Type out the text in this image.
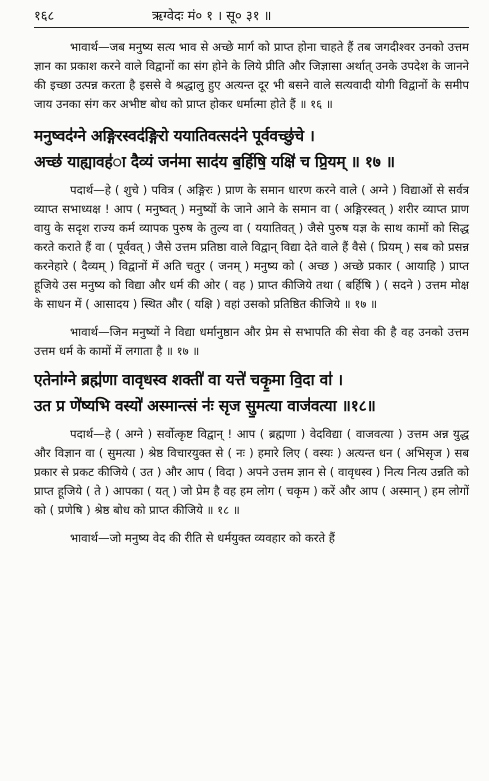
१६८	ऋग्वेदः मं० १ । सू० ३१ ॥

भावार्थ—जब मनुष्य सत्य भाव से अच्छे मार्ग को प्राप्त होना चाहते हैं तब जगदीश्वर उनको उत्तम ज्ञान का प्रकाश करने वाले विद्वानों का संग होने के लिये प्रीति और जिज्ञासा अर्थात् उनके उपदेश के जानने की इच्छा उत्पन्न करता है इससे वे श्रद्धालु हुए अत्यन्त दूर भी बसने वाले सत्यवादी योगी विद्वानों के समीप जाय उनका संग कर अभीष्ट बोध को प्राप्त होकर धर्मात्मा होते हैं ॥ १६ ॥

मनुष्वद॑ग्ने अङ्गिरस्वद॑ङ्गिरो ययातिवत्सद॑ने पूर्ववच्छु॑चे ।

अच्छ॑ याह्यावह॑ा दैव्यं जन॑मा साद॑य ब॒र्हिषि॒ यक्षि॑ च प्रि॒यम् ॥ १७ ॥

पदार्थ—हे ( शुचे ) पवित्र ( अङ्गिरः ) प्राण के समान धारण करने वाले ( अग्ने ) विद्याओं से सर्वत्र व्याप्त सभाध्यक्ष ! आप ( मनुष्वत् ) मनुष्यों के जाने आने के समान वा ( अङ्गिरस्वत् ) शरीर व्याप्त प्राण वायु के सदृश राज्य कर्म व्यापक पुरुष के तुल्य वा ( ययातिवत् ) जैसे पुरुष यज्ञ के साथ कामों को सिद्ध करते कराते हैं वा ( पूर्ववत् ) जैसे उत्तम प्रतिष्ठा वाले विद्वान् विद्या देते वाले हैं वैसे ( प्रियम् ) सब को प्रसन्न करनेहारे ( दैव्यम् ) विद्वानों में अति चतुर ( जनम् ) मनुष्य को ( अच्छ ) अच्छे प्रकार ( आयाहि ) प्राप्त हूजिये उस मनुष्य को विद्या और धर्म की ओर ( वह ) प्राप्त कीजिये तथा ( बर्हिषि ) ( सदने ) उत्तम मोक्ष के साधन में ( आसादय ) स्थित और ( यक्षि ) वहां उसको प्रतिष्ठित कीजिये ॥ १७ ॥

भावार्थ—जिन मनुष्यों ने विद्या धर्मानुष्ठान और प्रेम से सभापति की सेवा की है वह उनको उत्तम उत्तम धर्म के कामों में लगाता है ॥ १७ ॥

एतेना॑ग्ने ब्रह्म॑णा वावृधस्व शक्ती॑ वा यत्ते॑ चकृ॒मा वि॒दा वा॑ ।

उत प्र णे॑ष्यभि वस्यो॑ अस्मान्त्सं नः॑ सृज सु॒मत्या वाज॑वत्या ॥१८॥

पदार्थ—हे ( अग्ने ) सर्वोत्कृष्ट विद्वान् ! आप ( ब्रह्मणा ) वेदविद्या ( वाजवत्या ) उत्तम अन्न युद्ध और विज्ञान वा ( सुमत्या ) श्रेष्ठ विचारयुक्त से ( नः ) हमारे लिए ( वस्यः ) अत्यन्त धन ( अभिसृज ) सब प्रकार से प्रकट कीजिये ( उत ) और आप ( विदा ) अपने उत्तम ज्ञान से ( वावृधस्व ) नित्य नित्य उन्नति को प्राप्त हूजिये ( ते ) आपका ( यत् ) जो प्रेम है वह हम लोग ( चकृम ) करें और आप ( अस्मान् ) हम लोगों को ( प्रणेषि ) श्रेष्ठ बोध को प्राप्त कीजिये ॥ १८ ॥

भावार्थ—जो मनुष्य वेद की रीति से धर्मयुक्त व्यवहार को करते हैं
